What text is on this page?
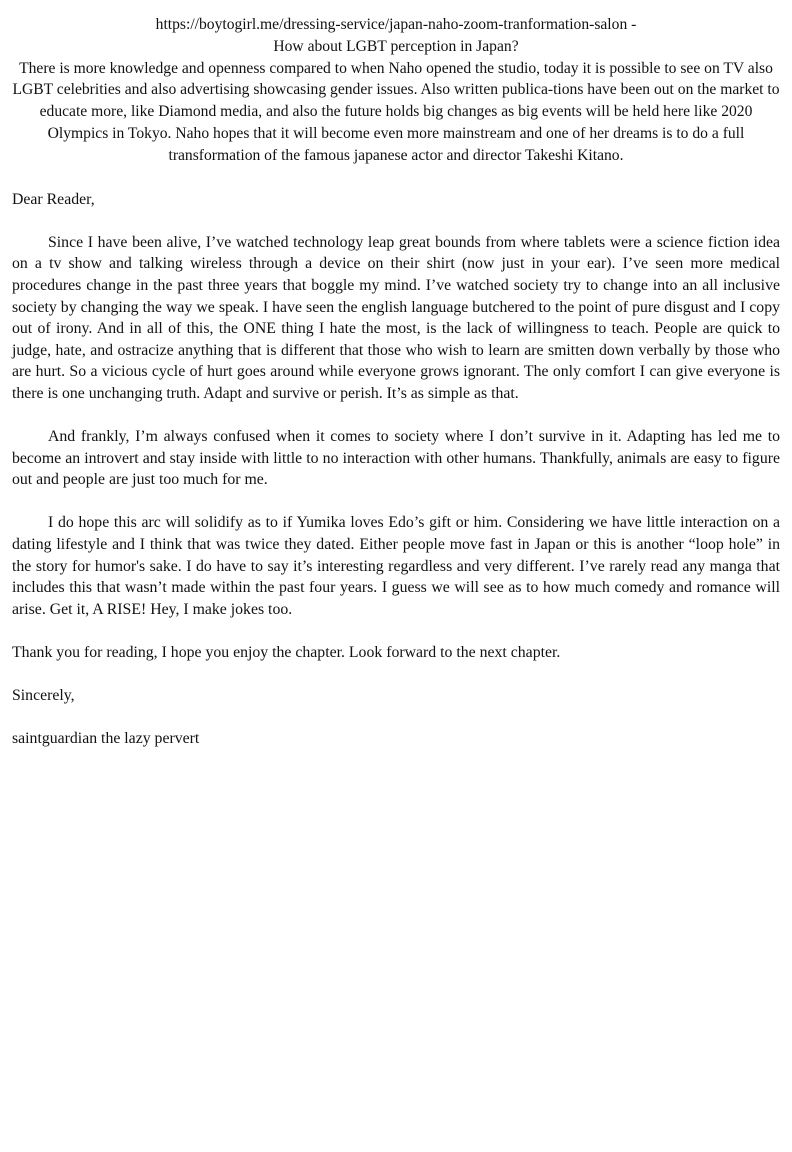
https://boytogirl.me/dressing-service/japan-naho-zoom-tranformation-salon -

How about LGBT perception in Japan?

There is more knowledge and openness compared to when Naho opened the studio, today it is possible to see on TV also LGBT celebrities and also advertising showcasing gender issues. Also written publica-tions have been out on the market to educate more, like Diamond media, and also the future holds big changes as big events will be held here like 2020 Olympics in Tokyo. Naho hopes that it will become even more mainstream and one of her dreams is to do a full transformation of the famous japanese actor and director Takeshi Kitano.

Dear Reader,

Since I have been alive, I’ve watched technology leap great bounds from where tablets were a science fiction idea on a tv show and talking wireless through a device on their shirt (now just in your ear). I’ve seen more medical procedures change in the past three years that boggle my mind. I’ve watched society try to change into an all inclusive society by changing the way we speak. I have seen the english language butchered to the point of pure disgust and I copy out of irony. And in all of this, the ONE thing I hate the most, is the lack of willingness to teach. People are quick to judge, hate, and ostracize anything that is different that those who wish to learn are smitten down verbally by those who are hurt. So a vicious cycle of hurt goes around while everyone grows ignorant. The only comfort I can give everyone is there is one unchanging truth. Adapt and survive or perish. It’s as simple as that.

And frankly, I’m always confused when it comes to society where I don’t survive in it. Adapting has led me to become an introvert and stay inside with little to no interaction with other humans. Thankfully, animals are easy to figure out and people are just too much for me.

I do hope this arc will solidify as to if Yumika loves Edo’s gift or him. Considering we have little interaction on a dating lifestyle and I think that was twice they dated. Either people move fast in Japan or this is another “loop hole” in the story for humor's sake. I do have to say it’s interesting regardless and very different. I’ve rarely read any manga that includes this that wasn’t made within the past four years. I guess we will see as to how much comedy and romance will arise. Get it, A RISE! Hey, I make jokes too.

Thank you for reading, I hope you enjoy the chapter. Look forward to the next chapter.

Sincerely,

saintguardian the lazy pervert
